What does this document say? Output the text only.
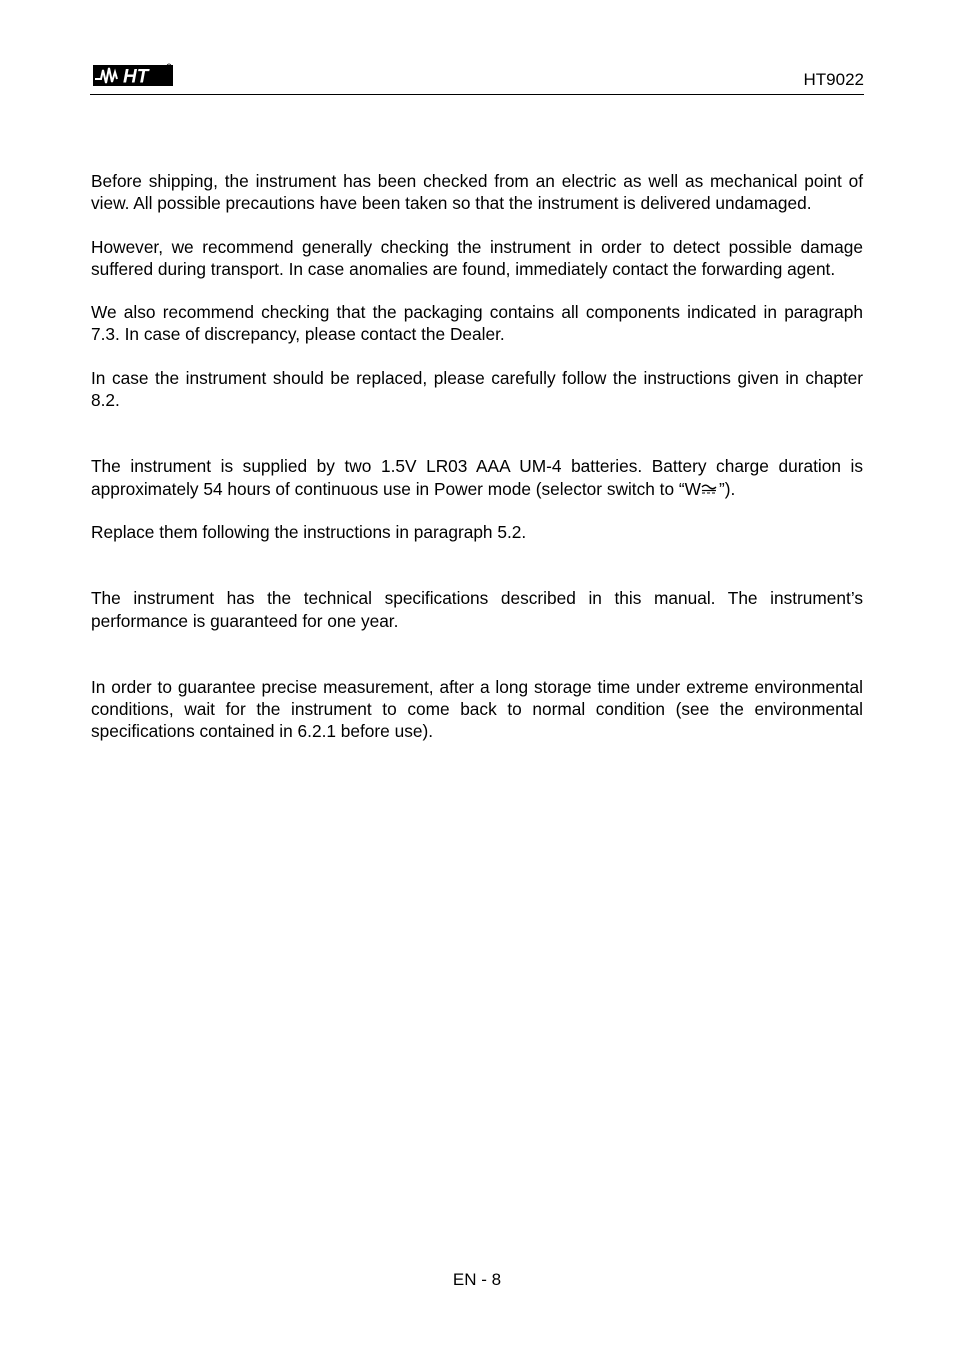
HT	HT9022

Before shipping, the instrument has been checked from an electric as well as mechanical point of view. All possible precautions have been taken so that the instrument is delivered undamaged.

However, we recommend generally checking the instrument in order to detect possible damage suffered during transport. In case anomalies are found, immediately contact the forwarding agent.

We also recommend checking that the packaging contains all components indicated in paragraph 7.3. In case of discrepancy, please contact the Dealer.

In case the instrument should be replaced, please carefully follow the instructions given in chapter 8.2.

The instrument is supplied by two 1.5V LR03 AAA UM-4 batteries. Battery charge duration is approximately 54 hours of continuous use in Power mode (selector switch to “W ”).

Replace them following the instructions in paragraph 5.2.

The instrument has the technical specifications described in this manual. The instrument’s performance is guaranteed for one year.

In order to guarantee precise measurement, after a long storage time under extreme environmental conditions, wait for the instrument to come back to normal condition (see the environmental specifications contained in 6.2.1 before use).

EN - 8
